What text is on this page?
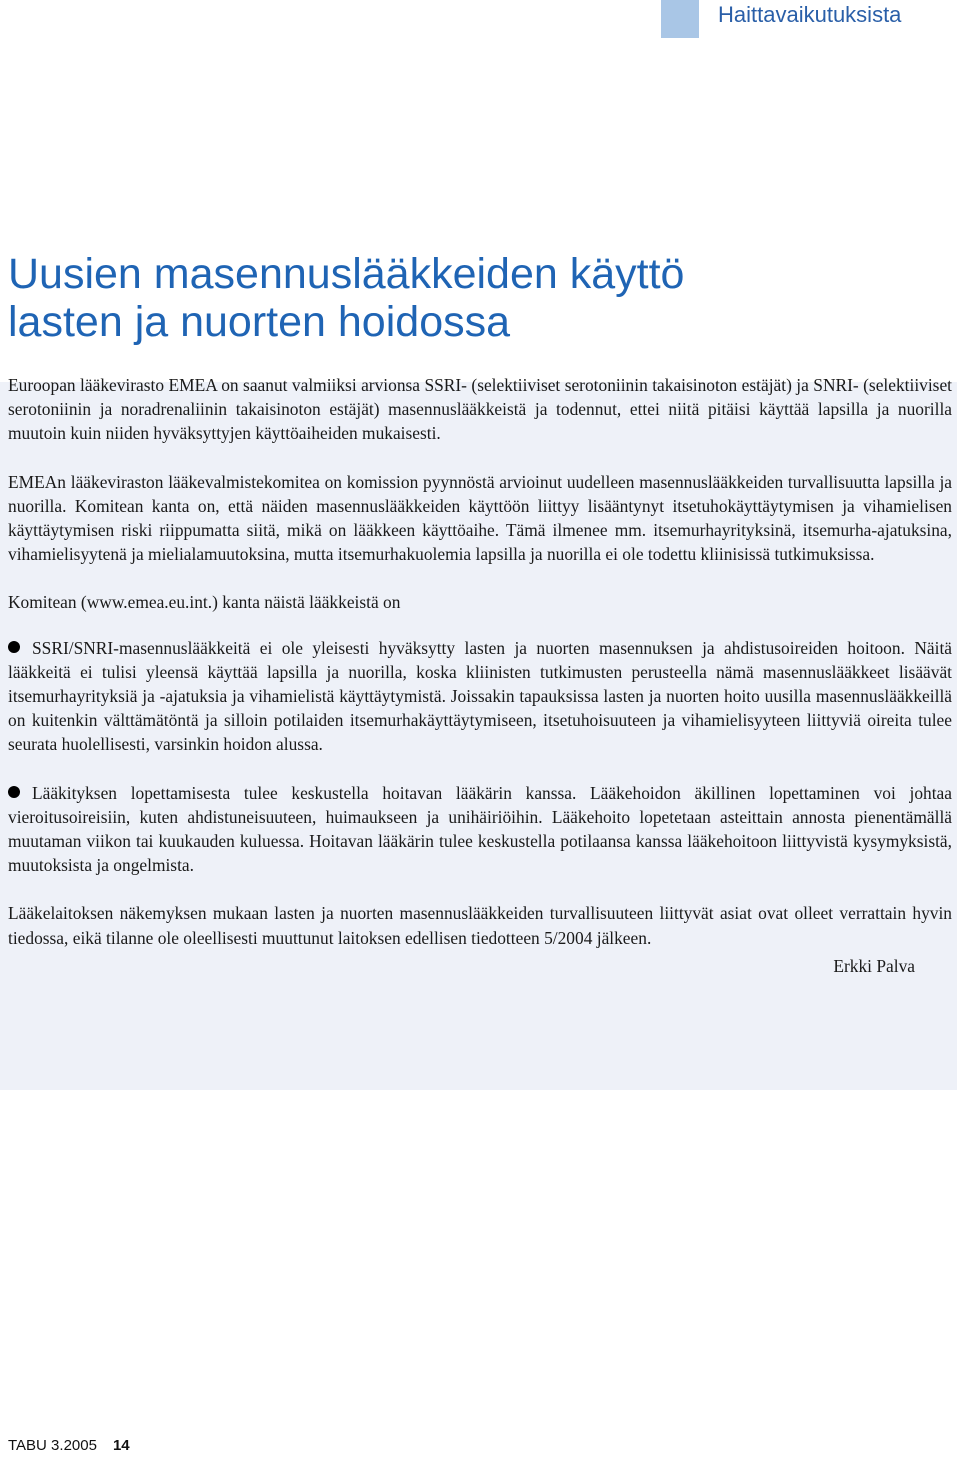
Haittavaikutuksista
Uusien masennuslääkkeiden käyttö
lasten ja nuorten hoidossa

Euroopan lääkevirasto EMEA on saanut valmiiksi arvionsa SSRI- (selektiiviset serotoniinin takaisinoton estäjät) ja SNRI- (selektiiviset serotoniinin ja noradrenaliinin takaisinoton estäjät) masennuslääkkeistä ja todennut, ettei niitä pitäisi käyttää lapsilla ja nuorilla muutoin kuin niiden hyväksyttyjen käyttöaiheiden mukaisesti.

EMEAn lääkeviraston lääkevalmistekomitea on komission pyynnöstä arvioinut uudelleen masennuslääkkeiden turvallisuutta lapsilla ja nuorilla. Komitean kanta on, että näiden masennuslääkkeiden käyttöön liittyy lisääntynyt itsetuhokäyttäytymisen ja vihamielisen käyttäytymisen riski riippumatta siitä, mikä on lääkkeen käyttöaihe. Tämä ilmenee mm. itsemurhayrityksinä, itsemurha-ajatuksina, vihamielisyytenä ja mielialamuutoksina, mutta itsemurhakuolemia lapsilla ja nuorilla ei ole todettu kliinisissä tutkimuksissa.

Komitean (www.emea.eu.int.) kanta näistä lääkkeistä on

SSRI/SNRI-masennuslääkkeitä ei ole yleisesti hyväksytty lasten ja nuorten masennuksen ja ahdistusoireiden hoitoon. Näitä lääkkeitä ei tulisi yleensä käyttää lapsilla ja nuorilla, koska kliinisten tutkimusten perusteella nämä masennuslääkkeet lisäävät itsemurhayrityksiä ja -ajatuksia ja vihamielistä käyttäytymistä. Joissakin tapauksissa lasten ja nuorten hoito uusilla masennuslääkkeillä on kuitenkin välttämätöntä ja silloin potilaiden itsemurhakäyttäytymiseen, itsetuhoisuuteen ja vihamielisyyteen liittyviä oireita tulee seurata huolellisesti, varsinkin hoidon alussa.

Lääkityksen lopettamisesta tulee keskustella hoitavan lääkärin kanssa. Lääkehoidon äkillinen lopettaminen voi johtaa vieroitusoireisiin, kuten ahdistuneisuuteen, huimaukseen ja unihäiriöihin. Lääkehoito lopetetaan asteittain annosta pienentämällä muutaman viikon tai kuukauden kuluessa. Hoitavan lääkärin tulee keskustella potilaansa kanssa lääkehoitoon liittyvistä kysymyksistä, muutoksista ja ongelmista.

Lääkelaitoksen näkemyksen mukaan lasten ja nuorten masennuslääkkeiden turvallisuuteen liittyvät asiat ovat olleet verrattain hyvin tiedossa, eikä tilanne ole oleellisesti muuttunut laitoksen edellisen tiedotteen 5/2004 jälkeen.

Erkki Palva
TABU 3.2005 14
